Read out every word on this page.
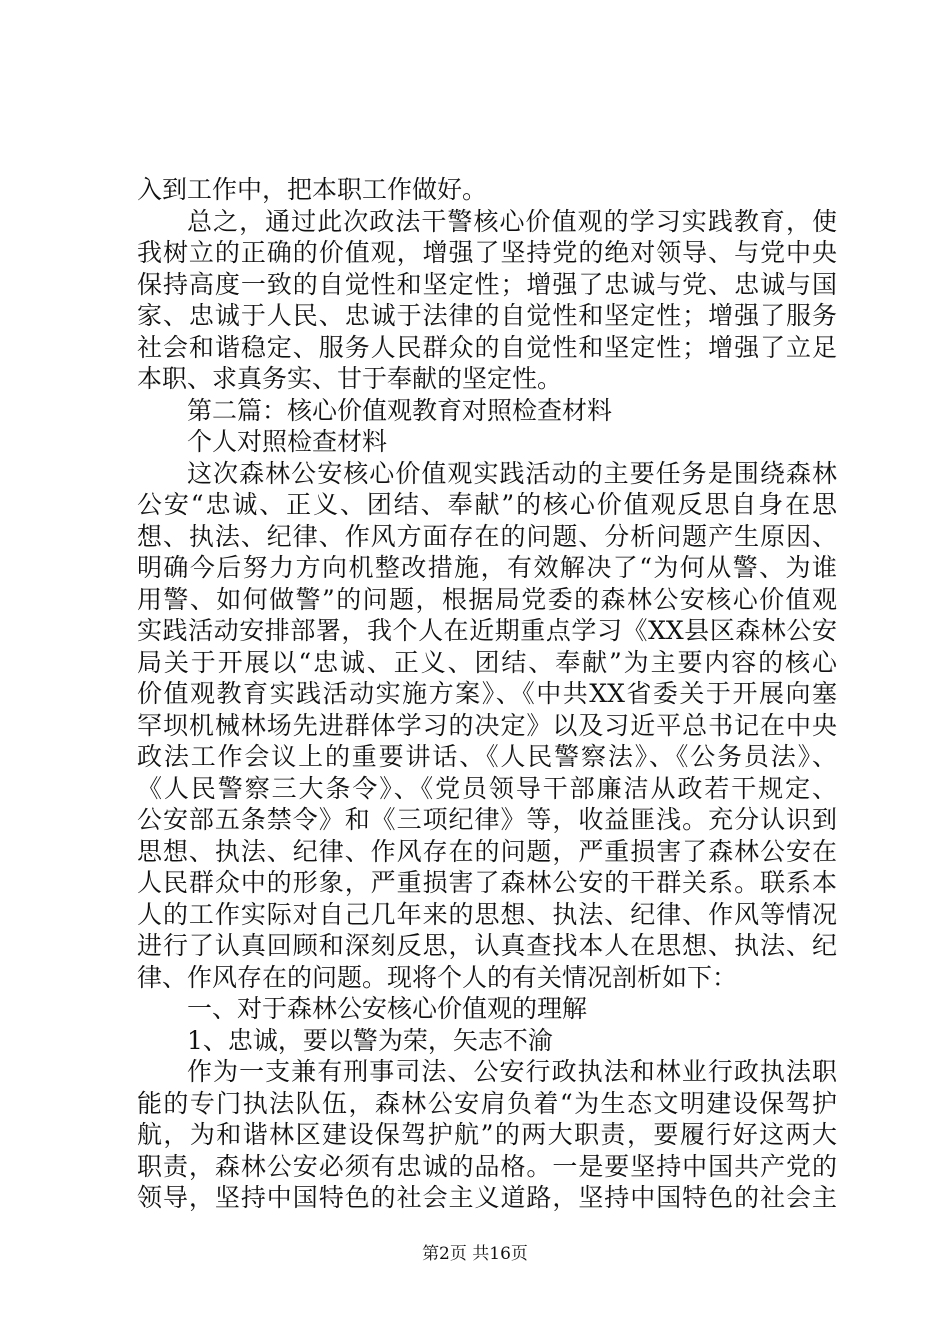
入到工作中，把本职工作做好。
总之，通过此次政法干警核心价值观的学习实践教育，使
我树立的正确的价值观，增强了坚持党的绝对领导、与党中央
保持高度一致的自觉性和坚定性；增强了忠诚与党、忠诚与国
家、忠诚于人民、忠诚于法律的自觉性和坚定性；增强了服务
社会和谐稳定、服务人民群众的自觉性和坚定性；增强了立足
本职、求真务实、甘于奉献的坚定性。
第二篇：核心价值观教育对照检查材料
个人对照检查材料
这次森林公安核心价值观实践活动的主要任务是围绕森林
公安“忠诚、正义、团结、奉献”的核心价值观反思自身在思
想、执法、纪律、作风方面存在的问题、分析问题产生原因、
明确今后努力方向机整改措施，有效解决了“为何从警、为谁
用警、如何做警”的问题，根据局党委的森林公安核心价值观
实践活动安排部署，我个人在近期重点学习《XX县区森林公安
局关于开展以“忠诚、正义、团结、奉献”为主要内容的核心
价值观教育实践活动实施方案》、《中共XX省委关于开展向塞
罕坝机械林场先进群体学习的决定》以及习近平总书记在中央
政法工作会议上的重要讲话、《人民警察法》、《公务员法》、
《人民警察三大条令》、《党员领导干部廉洁从政若干规定、
公安部五条禁令》和《三项纪律》等，收益匪浅。充分认识到
思想、执法、纪律、作风存在的问题，严重损害了森林公安在
人民群众中的形象，严重损害了森林公安的干群关系。联系本
人的工作实际对自己几年来的思想、执法、纪律、作风等情况
进行了认真回顾和深刻反思，认真查找本人在思想、执法、纪
律、作风存在的问题。现将个人的有关情况剖析如下：
一、对于森林公安核心价值观的理解
1、忠诚，要以警为荣，矢志不渝
作为一支兼有刑事司法、公安行政执法和林业行政执法职
能的专门执法队伍，森林公安肩负着“为生态文明建设保驾护
航，为和谐林区建设保驾护航”的两大职责，要履行好这两大
职责，森林公安必须有忠诚的品格。一是要坚持中国共产党的
领导，坚持中国特色的社会主义道路，坚持中国特色的社会主
第2页 共16页
